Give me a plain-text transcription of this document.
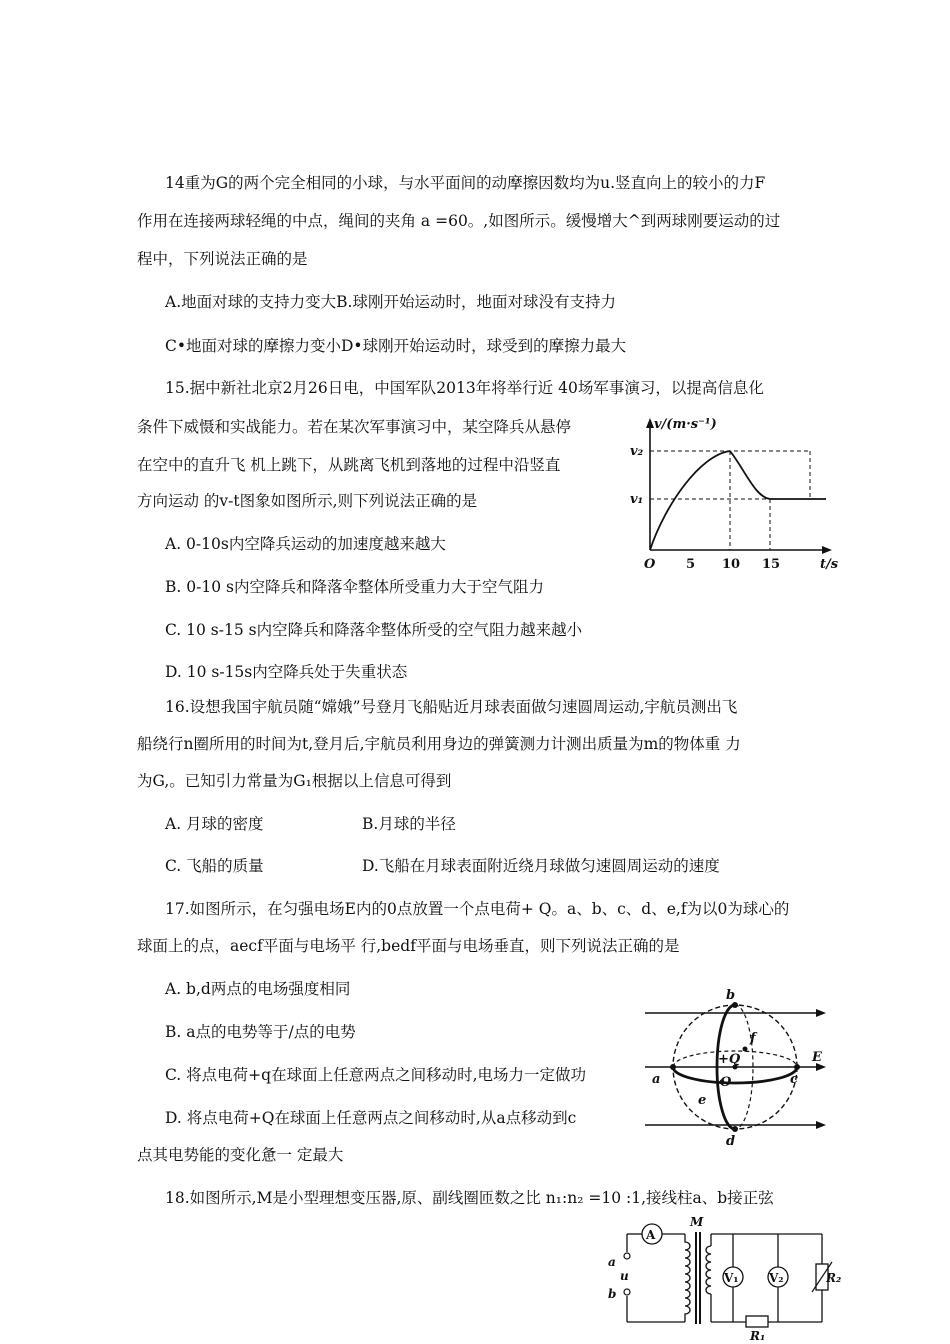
14重为G的两个完全相同的小球，与水平面间的动摩擦因数均为u.竖直向上的较小的力F
作用在连接两球轻绳的中点，绳间的夹角 a =60。,如图所示。缓慢增大^到两球刚要运动的过
程中，下列说法正确的是
A.地面对球的支持力变大B.球刚开始运动时，地面对球没有支持力
C•地面对球的摩擦力变小D•球刚开始运动时，球受到的摩擦力最大
15.据中新社北京2月26日电，中国军队2013年将举行近 40场军事演习，以提高信息化
条件下威慑和实战能力。若在某次军事演习中，某空降兵从悬停
在空中的直升飞 机上跳下，从跳离飞机到落地的过程中沿竖直
方向运动 的v-t图象如图所示,则下列说法正确的是
A. 0-10s内空降兵运动的加速度越来越大
B. 0-10 s内空降兵和降落伞整体所受重力大于空气阻力
C. 10 s-15 s内空降兵和降落伞整体所受的空气阻力越来越小
D. 10 s-15s内空降兵处于失重状态
v/(m·s⁻¹)
v₂
v₁
O 5 10 15	t/s
16.设想我国宇航员随“嫦娥”号登月飞船贴近月球表面做匀速圆周运动,宇航员测出飞
船绕行n圈所用的时间为t,登月后,宇航员利用身边的弹簧测力计测出质量为m的物体重 力
为G,。已知引力常量为G₁根据以上信息可得到
A. 月球的密度	B.月球的半径
C. 飞船的质量	D.飞船在月球表面附近绕月球做匀速圆周运动的速度
17.如图所示，在匀强电场E内的0点放置一个点电荷+ Q。a、b、c、d、e,f为以0为球心的
球面上的点，aecf平面与电场平 行,bedf平面与电场垂直，则下列说法正确的是
A. b,d两点的电场强度相同
B. a点的电势等于/点的电势
C. 将点电荷+q在球面上任意两点之间移动时,电场力一定做功
D. 将点电荷+Q在球面上任意两点之间移动时,从a点移动到c
点其电势能的变化惫一 定最大
b
f
+Q	E
a	O	c
e
d
18.如图所示,M是小型理想变压器,原、副线圈匝数之比 n₁:n₂ =10 :1,接线柱a、b接正弦
A
a
u
b
M
R₁
V₁	V₂	R₂
